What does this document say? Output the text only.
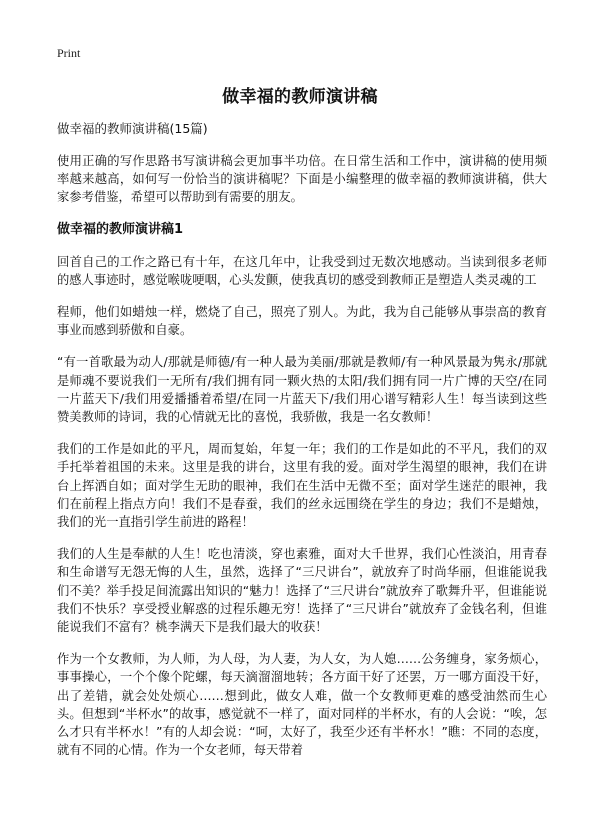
Print

做幸福的教师演讲稿

做幸福的教师演讲稿(15篇)

使用正确的写作思路书写演讲稿会更加事半功倍。在日常生活和工作中，演讲稿的使用频率越来越高，如何写一份恰当的演讲稿呢？下面是小编整理的做幸福的教师演讲稿，供大家参考借鉴，希望可以帮助到有需要的朋友。

做幸福的教师演讲稿1

回首自己的工作之路已有十年，在这几年中，让我受到过无数次地感动。当读到很多老师的感人事迹时，感觉喉咙哽咽，心头发颤，使我真切的感受到教师正是塑造人类灵魂的工

程师，他们如蜡烛一样，燃烧了自己，照亮了别人。为此，我为自己能够从事崇高的教育事业而感到骄傲和自豪。

“有一首歌最为动人/那就是师德/有一种人最为美丽/那就是教师/有一种风景最为隽永/那就是师魂不要说我们一无所有/我们拥有同一颗火热的太阳/我们拥有同一片广博的天空/在同一片蓝天下/我们用爱播播着希望/在同一片蓝天下/我们用心谱写精彩人生！每当读到这些赞美教师的诗词，我的心情就无比的喜悦，我骄傲，我是一名女教师！

我们的工作是如此的平凡，周而复始，年复一年；我们的工作是如此的不平凡，我们的双手托举着祖国的未来。这里是我的讲台，这里有我的爱。面对学生渴望的眼神，我们在讲台上挥洒自如；面对学生无助的眼神，我们在生活中无微不至；面对学生迷茫的眼神，我们在前程上指点方向！我们不是春蚕，我们的丝永远围绕在学生的身边；我们不是蜡烛，我们的光一直指引学生前进的路程！

我们的人生是奉献的人生！吃也清淡，穿也素雅，面对大千世界，我们心性淡泊，用青春和生命谱写无怨无悔的人生，虽然，选择了“三尺讲台”，就放弃了时尚华丽，但谁能说我们不美？举手投足间流露出知识的“魅力！选择了“三尺讲台”就放弃了歌舞升平，但谁能说我们不快乐？享受授业解惑的过程乐趣无穷！选择了“三尺讲台”就放弃了金钱名利，但谁能说我们不富有？桃李满天下是我们最大的收获！

作为一个女教师，为人师，为人母，为人妻，为人女，为人媳……公务缠身，家务烦心，事事操心，一个个像个陀螺，每天滴溜溜地转；各方面干好了还罢，万一哪方面没干好，出了差错，就会处处烦心……想到此，做女人难，做一个女教师更难的感受油然而生心头。但想到“半杯水”的故事，感觉就不一样了，面对同样的半杯水，有的人会说：“唉，怎么才只有半杯水！”有的人却会说：“呵，太好了，我至少还有半杯水！”瞧：不同的态度，就有不同的心情。作为一个女老师，每天带着
